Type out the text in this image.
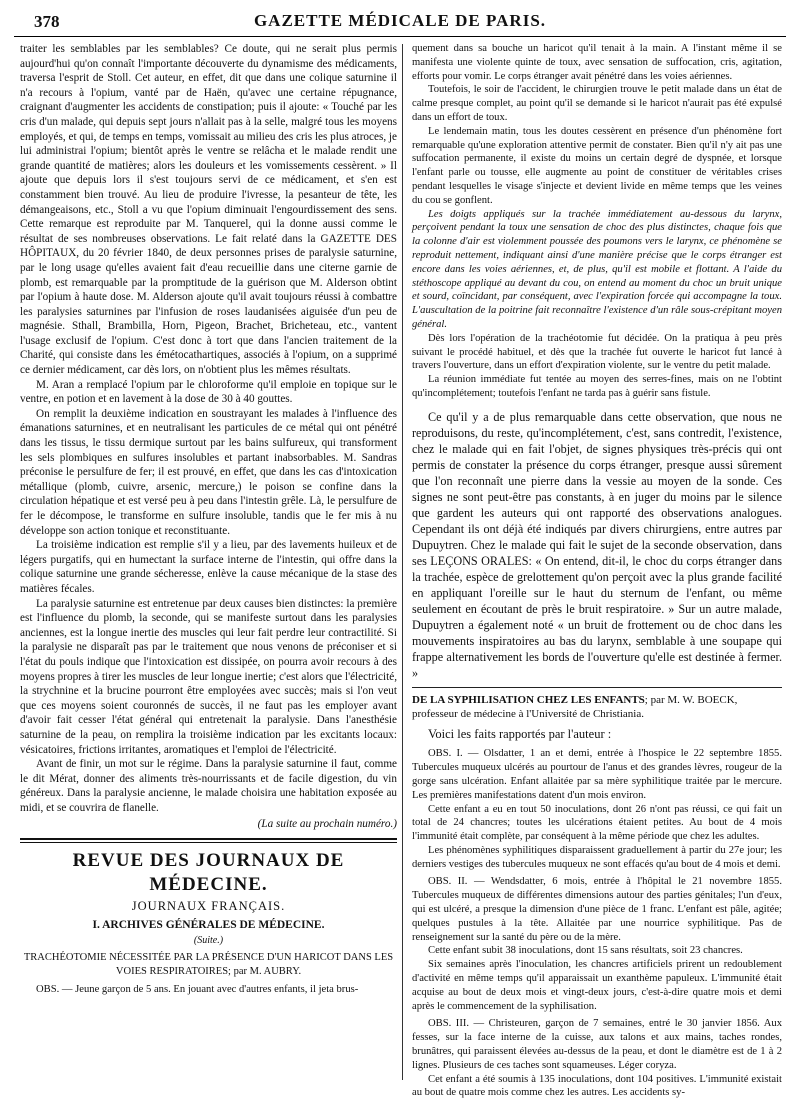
378	GAZETTE MÉDICALE DE PARIS.

traiter les semblables par les semblables? Ce doute, qui ne serait plus permis aujourd'hui qu'on connaît l'importante découverte du dynamisme des médicaments, traversa l'esprit de Stoll. Cet auteur, en effet, dit que dans une colique saturnine il n'a recours à l'opium, vanté par de Haën, qu'avec une certaine répugnance, craignant d'augmenter les accidents de constipation; puis il ajoute: « Touché par les cris d'un malade, qui depuis sept jours n'allait pas à la selle, malgré tous les moyens employés, et qui, de temps en temps, vomissait au milieu des cris les plus atroces, je lui administrai l'opium; bientôt après le ventre se relâcha et le malade rendit une grande quantité de matières; alors les douleurs et les vomissements cessèrent. » Il ajoute que depuis lors il s'est toujours servi de ce médicament, et s'en est constamment bien trouvé. Au lieu de produire l'ivresse, la pesanteur de tête, les démangeaisons, etc., Stoll a vu que l'opium diminuait l'engourdissement des sens. Cette remarque est reproduite par M. Tanquerel, qui la donne aussi comme le résultat de ses nombreuses observations. Le fait relaté dans la GAZETTE DES HÔPITAUX, du 20 février 1840, de deux personnes prises de paralysie saturnine, par le long usage qu'elles avaient fait d'eau recueillie dans une citerne garnie de plomb, est remarquable par la promptitude de la guérison que M. Alderson obtint par l'opium à haute dose. M. Alderson ajoute qu'il avait toujours réussi à combattre les paralysies saturnines par l'infusion de roses laudanisées aiguisée d'un peu de magnésie. Sthall, Brambilla, Horn, Pigeon, Brachet, Bricheteau, etc., vantent l'usage exclusif de l'opium. C'est donc à tort que dans l'ancien traitement de la Charité, qui consiste dans les émétocathartiques, associés à l'opium, on a supprimé ce dernier médicament, car dès lors, on n'obtient plus les mêmes résultats.

M. Aran a remplacé l'opium par le chloroforme qu'il emploie en topique sur le ventre, en potion et en lavement à la dose de 30 à 40 gouttes.

On remplit la deuxième indication en soustrayant les malades à l'influence des émanations saturnines, et en neutralisant les particules de ce métal qui ont pénétré dans les tissus, le tissu dermique surtout par les bains sulfureux, qui transforment les sels plombiques en sulfures insolubles et partant inabsorbables. M. Sandras préconise le persulfure de fer; il est prouvé, en effet, que dans les cas d'intoxication métallique (plomb, cuivre, arsenic, mercure,) le poison se confine dans la circulation hépatique et est versé peu à peu dans l'intestin grêle. Là, le persulfure de fer le décompose, le transforme en sulfure insoluble, tandis que le fer mis à nu développe son action tonique et reconstituante.

La troisième indication est remplie s'il y a lieu, par des lavements huileux et de légers purgatifs, qui en humectant la surface interne de l'intestin, qui offre dans la colique saturnine une grande sécheresse, enlève la cause mécanique de la stase des matières fécales.

La paralysie saturnine est entretenue par deux causes bien distinctes: la première est l'influence du plomb, la seconde, qui se manifeste surtout dans les paralysies anciennes, est la longue inertie des muscles qui leur fait perdre leur contractilité. Si la paralysie ne disparaît pas par le traitement que nous venons de préconiser et si l'état du pouls indique que l'intoxication est dissipée, on pourra avoir recours à des moyens propres à tirer les muscles de leur longue inertie; c'est alors que l'électricité, la strychnine et la brucine pourront être employées avec succès; mais si l'on veut que ces moyens soient couronnés de succès, il ne faut pas les employer avant d'avoir fait cesser l'état général qui entretenait la paralysie. Dans l'anesthésie saturnine de la peau, on remplira la troisième indication par les excitants locaux: vésicatoires, frictions irritantes, aromatiques et l'emploi de l'électricité.

Avant de finir, un mot sur le régime. Dans la paralysie saturnine il faut, comme le dit Mérat, donner des aliments très-nourrissants et de facile digestion, du vin généreux. Dans la paralysie ancienne, le malade choisira une habitation exposée au midi, et se couvrira de flanelle.

(La suite au prochain numéro.)
REVUE DES JOURNAUX DE MÉDECINE.
JOURNAUX FRANÇAIS.
I. ARCHIVES GÉNÉRALES DE MÉDECINE.
(Suite.)
TRACHÉOTOMIE NÉCESSITÉE PAR LA PRÉSENCE D'UN HARICOT DANS LES VOIES RESPIRATOIRES; par M. AUBRY.

OBS. — Jeune garçon de 5 ans. En jouant avec d'autres enfants, il jeta brus-

quement dans sa bouche un haricot qu'il tenait à la main. A l'instant même il se manifesta une violente quinte de toux, avec sensation de suffocation, cris, agitation, efforts pour vomir. Le corps étranger avait pénétré dans les voies aériennes.

Toutefois, le soir de l'accident, le chirurgien trouve le petit malade dans un état de calme presque complet, au point qu'il se demande si le haricot n'aurait pas été expulsé dans un effort de toux.

Le lendemain matin, tous les doutes cessèrent en présence d'un phénomène fort remarquable qu'une exploration attentive permit de constater. Bien qu'il n'y ait pas une suffocation permanente, il existe du moins un certain degré de dyspnée, et lorsque l'enfant parle ou tousse, elle augmente au point de constituer de véritables crises pendant lesquelles le visage s'injecte et devient livide en même temps que les veines du cou se gonflent.

Les doigts appliqués sur la trachée immédiatement au-dessous du larynx, perçoivent pendant la toux une sensation de choc des plus distinctes, chaque fois que la colonne d'air est violemment poussée des poumons vers le larynx, ce phénomène se reproduit nettement, indiquant ainsi d'une manière précise que le corps étranger est encore dans les voies aériennes, et, de plus, qu'il est mobile et flottant. A l'aide du stéthoscope appliqué au devant du cou, on entend au moment du choc un bruit unique et sourd, coïncidant, par conséquent, avec l'expiration forcée qui accompagne la toux. L'auscultation de la poitrine fait reconnaître l'existence d'un râle sous-crépitant moyen général.

Dès lors l'opération de la trachéotomie fut décidée. On la pratiqua à peu près suivant le procédé habituel, et dès que la trachée fut ouverte le haricot fut lancé à travers l'ouverture, dans un effort d'expiration violente, sur le ventre du petit malade.

La réunion immédiate fut tentée au moyen des serres-fines, mais on ne l'obtint qu'incomplétement; toutefois l'enfant ne tarda pas à guérir sans fistule.

Ce qu'il y a de plus remarquable dans cette observation, que nous ne reproduisons, du reste, qu'incomplétement, c'est, sans contredit, l'existence, chez le malade qui en fait l'objet, de signes physiques très-précis qui ont permis de constater la présence du corps étranger, presque aussi sûrement que l'on reconnaît une pierre dans la vessie au moyen de la sonde. Ces signes ne sont peut-être pas constants, à en juger du moins par le silence que gardent les auteurs qui ont rapporté des observations analogues. Cependant ils ont déjà été indiqués par divers chirurgiens, entre autres par Dupuytren. Chez le malade qui fait le sujet de la seconde observation, dans ses LEÇONS ORALES: « On entend, dit-il, le choc du corps étranger dans la trachée, espèce de grelottement qu'on perçoit avec la plus grande facilité en appliquant l'oreille sur le haut du sternum de l'enfant, ou même seulement en écoutant de près le bruit respiratoire. » Sur un autre malade, Dupuytren a également noté « un bruit de frottement ou de choc dans les mouvements inspiratoires au bas du larynx, semblable à une soupape qui frappe alternativement les bords de l'ouverture qu'elle est destinée à fermer. »

DE LA SYPHILISATION CHEZ LES ENFANTS; par M. W. BOECK, professeur de médecine à l'Université de Christiania.

Voici les faits rapportés par l'auteur :

OBS. I. — Olsdatter, 1 an et demi, entrée à l'hospice le 22 septembre 1855. Tubercules muqueux ulcérés au pourtour de l'anus et des grandes lèvres, rougeur de la gorge sans ulcération. Enfant allaitée par sa mère syphilitique traitée par le mercure. Les premières manifestations datent d'un mois environ.

Cette enfant a eu en tout 50 inoculations, dont 26 n'ont pas réussi, ce qui fait un total de 24 chancres; toutes les ulcérations étaient petites. Au bout de 4 mois l'immunité était complète, par conséquent à la même période que chez les adultes.

Les phénomènes syphilitiques disparaissent graduellement à partir du 27e jour; les derniers vestiges des tubercules muqueux ne sont effacés qu'au bout de 4 mois et demi.

OBS. II. — Wendsdatter, 6 mois, entrée à l'hôpital le 21 novembre 1855. Tubercules muqueux de différentes dimensions autour des parties génitales; l'un d'eux, qui est ulcéré, a presque la dimension d'une pièce de 1 franc. L'enfant est pâle, agitée; quelques pustules à la tête. Allaitée par une nourrice syphilitique. Pas de renseignement sur la santé du père ou de la mère.

Cette enfant subit 38 inoculations, dont 15 sans résultats, soit 23 chancres.

Six semaines après l'inoculation, les chancres artificiels prirent un redoublement d'activité en même temps qu'il apparaissait un exanthème papuleux. L'immunité était acquise au bout de deux mois et vingt-deux jours, c'est-à-dire quatre mois et demi après le commencement de la syphilisation.

OBS. III. — Christeuren, garçon de 7 semaines, entré le 30 janvier 1856. Aux fesses, sur la face interne de la cuisse, aux talons et aux mains, taches rondes, brunâtres, qui paraissent élevées au-dessus de la peau, et dont le diamètre est de 1 à 2 lignes. Plusieurs de ces taches sont squameuses. Léger coryza.

Cet enfant a été soumis à 135 inoculations, dont 104 positives. L'immunité existait au bout de quatre mois comme chez les autres. Les accidents sy-
